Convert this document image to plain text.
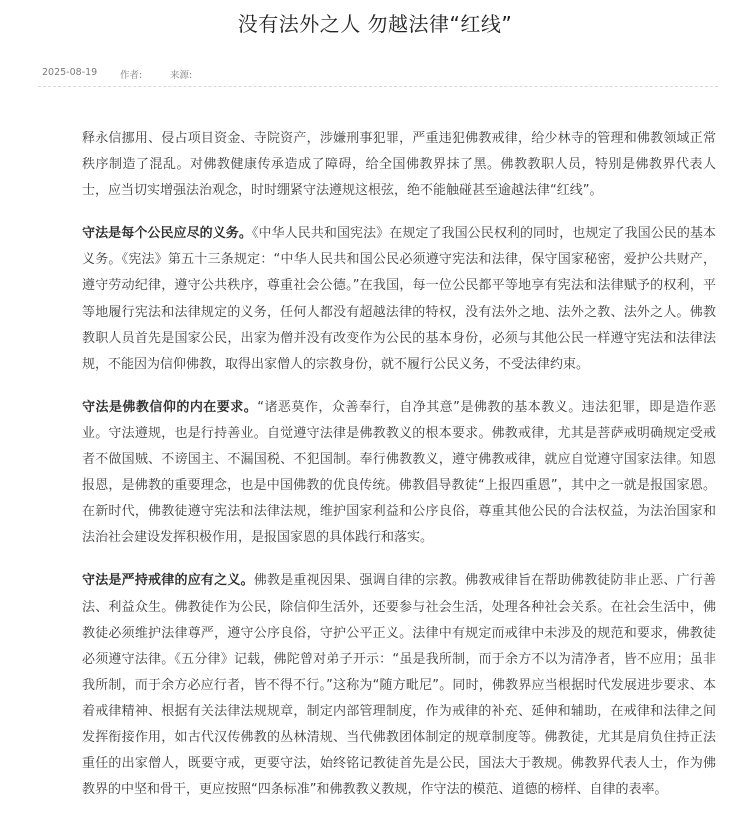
没有法外之人 勿越法律“红线”
2025-08-19	作者:	来源:

释永信挪用、侵占项目资金、寺院资产，涉嫌刑事犯罪，严重违犯佛教戒律，给少林寺的管理和佛教领域正常秩序制造了混乱。对佛教健康传承造成了障碍，给全国佛教界抹了黑。佛教教职人员，特别是佛教界代表人士，应当切实增强法治观念，时时绷紧守法遵规这根弦，绝不能触碰甚至逾越法律“红线”。

守法是每个公民应尽的义务。《中华人民共和国宪法》在规定了我国公民权利的同时，也规定了我国公民的基本义务。《宪法》第五十三条规定：“中华人民共和国公民必须遵守宪法和法律，保守国家秘密，爱护公共财产，遵守劳动纪律，遵守公共秩序，尊重社会公德。”在我国，每一位公民都平等地享有宪法和法律赋予的权利，平等地履行宪法和法律规定的义务，任何人都没有超越法律的特权，没有法外之地、法外之教、法外之人。佛教教职人员首先是国家公民，出家为僧并没有改变作为公民的基本身份，必须与其他公民一样遵守宪法和法律法规，不能因为信仰佛教，取得出家僧人的宗教身份，就不履行公民义务，不受法律约束。

守法是佛教信仰的内在要求。“诸恶莫作，众善奉行，自净其意”是佛教的基本教义。违法犯罪，即是造作恶业。守法遵规，也是行持善业。自觉遵守法律是佛教教义的根本要求。佛教戒律，尤其是菩萨戒明确规定受戒者不做国贼、不谤国主、不漏国税、不犯国制。奉行佛教教义，遵守佛教戒律，就应自觉遵守国家法律。知恩报恩，是佛教的重要理念，也是中国佛教的优良传统。佛教倡导教徒“上报四重恩”，其中之一就是报国家恩。在新时代，佛教徒遵守宪法和法律法规，维护国家利益和公序良俗，尊重其他公民的合法权益，为法治国家和法治社会建设发挥积极作用，是报国家恩的具体践行和落实。

守法是严持戒律的应有之义。佛教是重视因果、强调自律的宗教。佛教戒律旨在帮助佛教徒防非止恶、广行善法、利益众生。佛教徒作为公民，除信仰生活外，还要参与社会生活，处理各种社会关系。在社会生活中，佛教徒必须维护法律尊严，遵守公序良俗，守护公平正义。法律中有规定而戒律中未涉及的规范和要求，佛教徒必须遵守法律。《五分律》记载，佛陀曾对弟子开示：“虽是我所制，而于余方不以为清净者，皆不应用；虽非我所制，而于余方必应行者，皆不得不行。”这称为“随方毗尼”。同时，佛教界应当根据时代发展进步要求、本着戒律精神、根据有关法律法规规章，制定内部管理制度，作为戒律的补充、延伸和辅助，在戒律和法律之间发挥衔接作用，如古代汉传佛教的丛林清规、当代佛教团体制定的规章制度等。佛教徒，尤其是肩负住持正法重任的出家僧人，既要守戒，更要守法，始终铭记教徒首先是公民，国法大于教规。佛教界代表人士，作为佛教界的中坚和骨干，更应按照“四条标准”和佛教教义教规，作守法的模范、道德的榜样、自律的表率。
